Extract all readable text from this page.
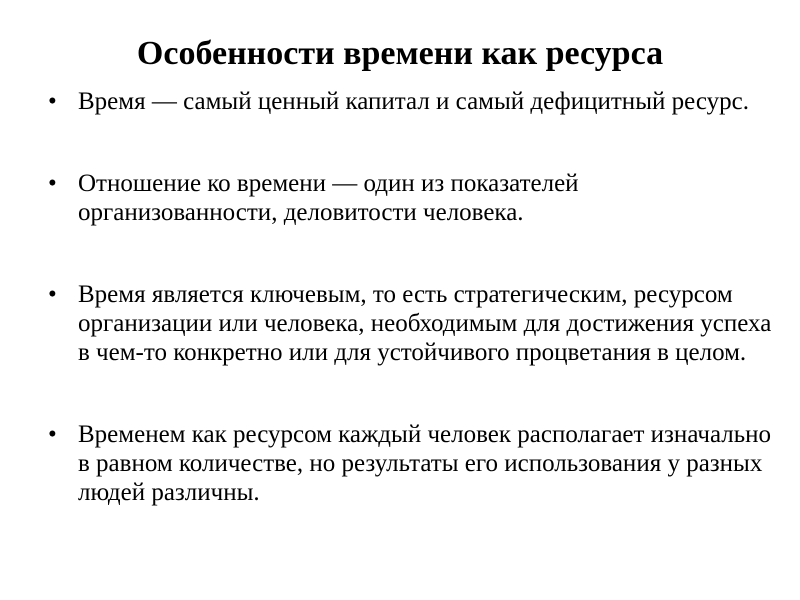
Особенности времени как ресурса
• Время — самый ценный капитал и самый дефицитный ресурс.
• Отношение ко времени — один из показателей организованности, деловитости человека.
• Время является ключевым, то есть стратегическим, ресурсом организации или человека, необходимым для достижения успеха в чем-то конкретно или для устойчивого процветания в целом.
• Временем как ресурсом каждый человек располагает изначально в равном количестве, но результаты его использования у разных людей различны.
